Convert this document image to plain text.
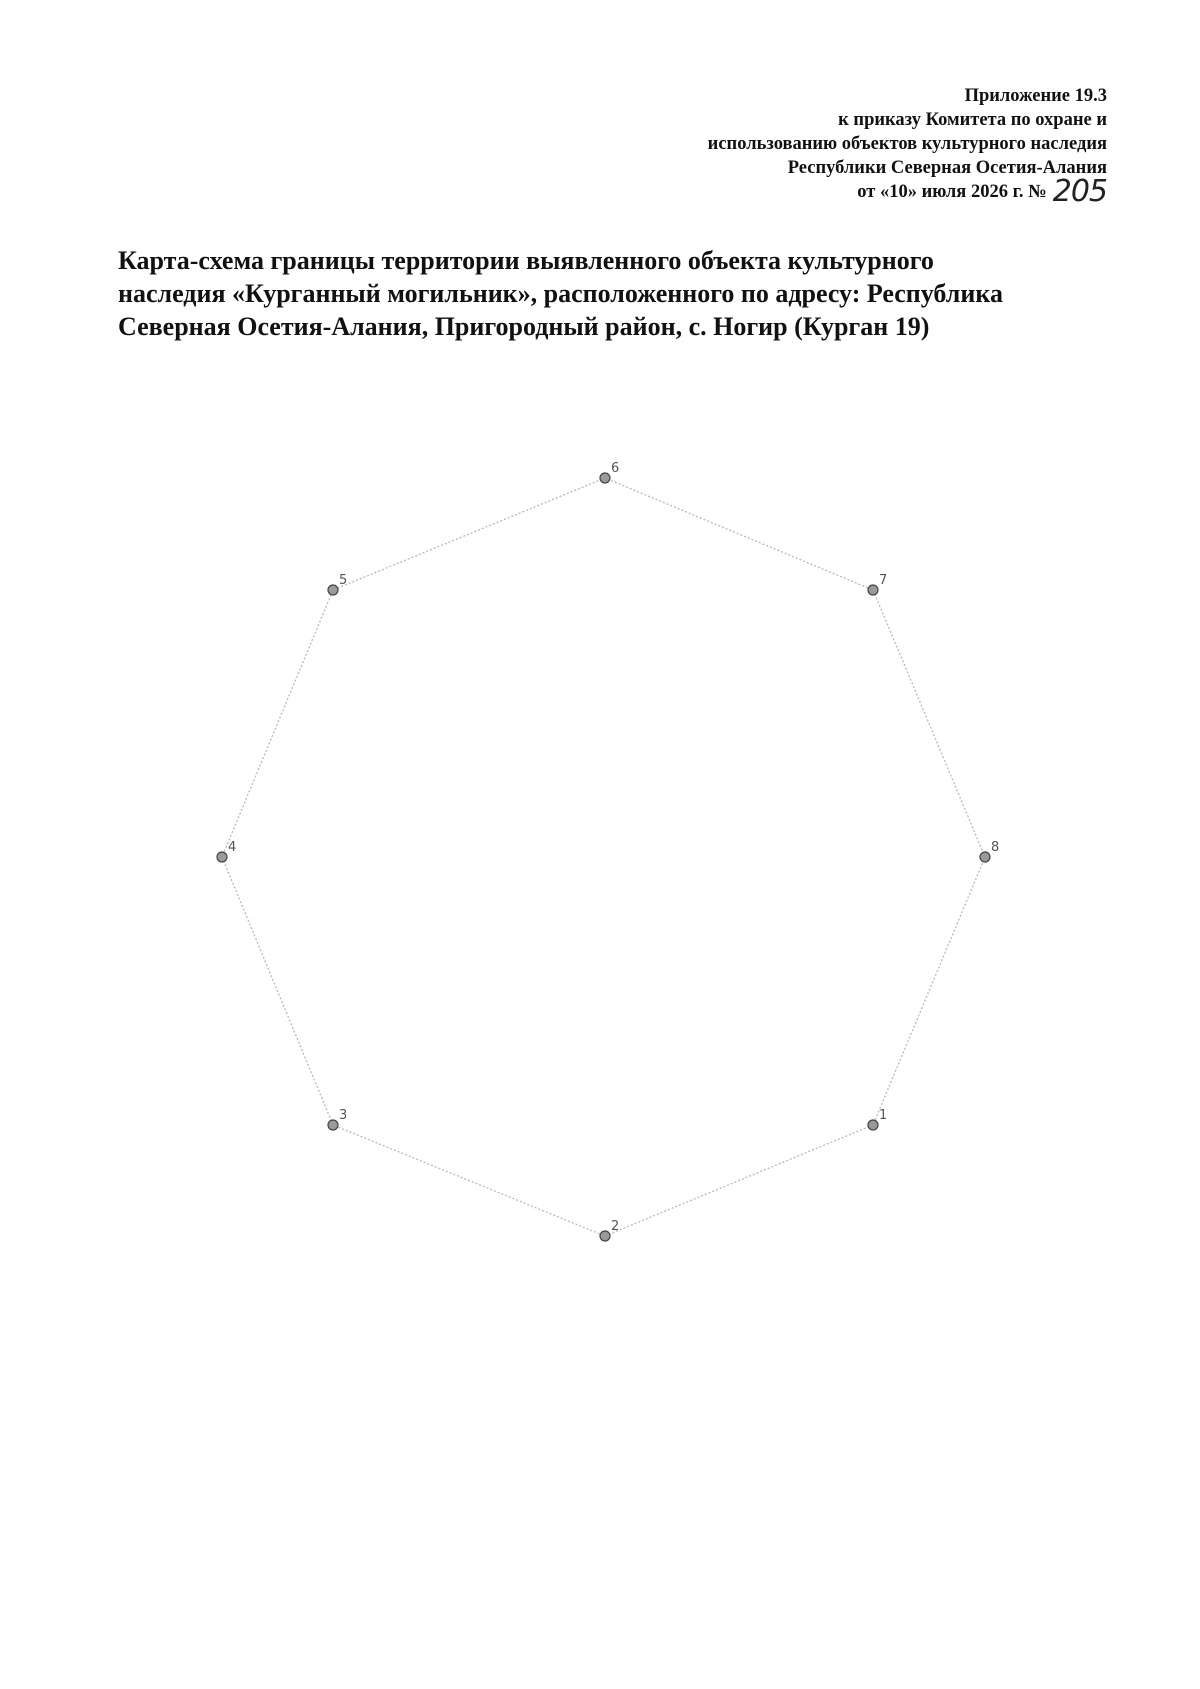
Приложение 19.3
к приказу Комитета по охране и
использованию объектов культурного наследия
Республики Северная Осетия-Алания
от «10» июля 2026 г. № 205
Карта-схема границы территории выявленного объекта культурного
наследия «Курганный могильник», расположенного по адресу: Республика
Северная Осетия-Алания, Пригородный район, с. Ногир (Курган 19)
1
2
3
4
5
6
7
8
